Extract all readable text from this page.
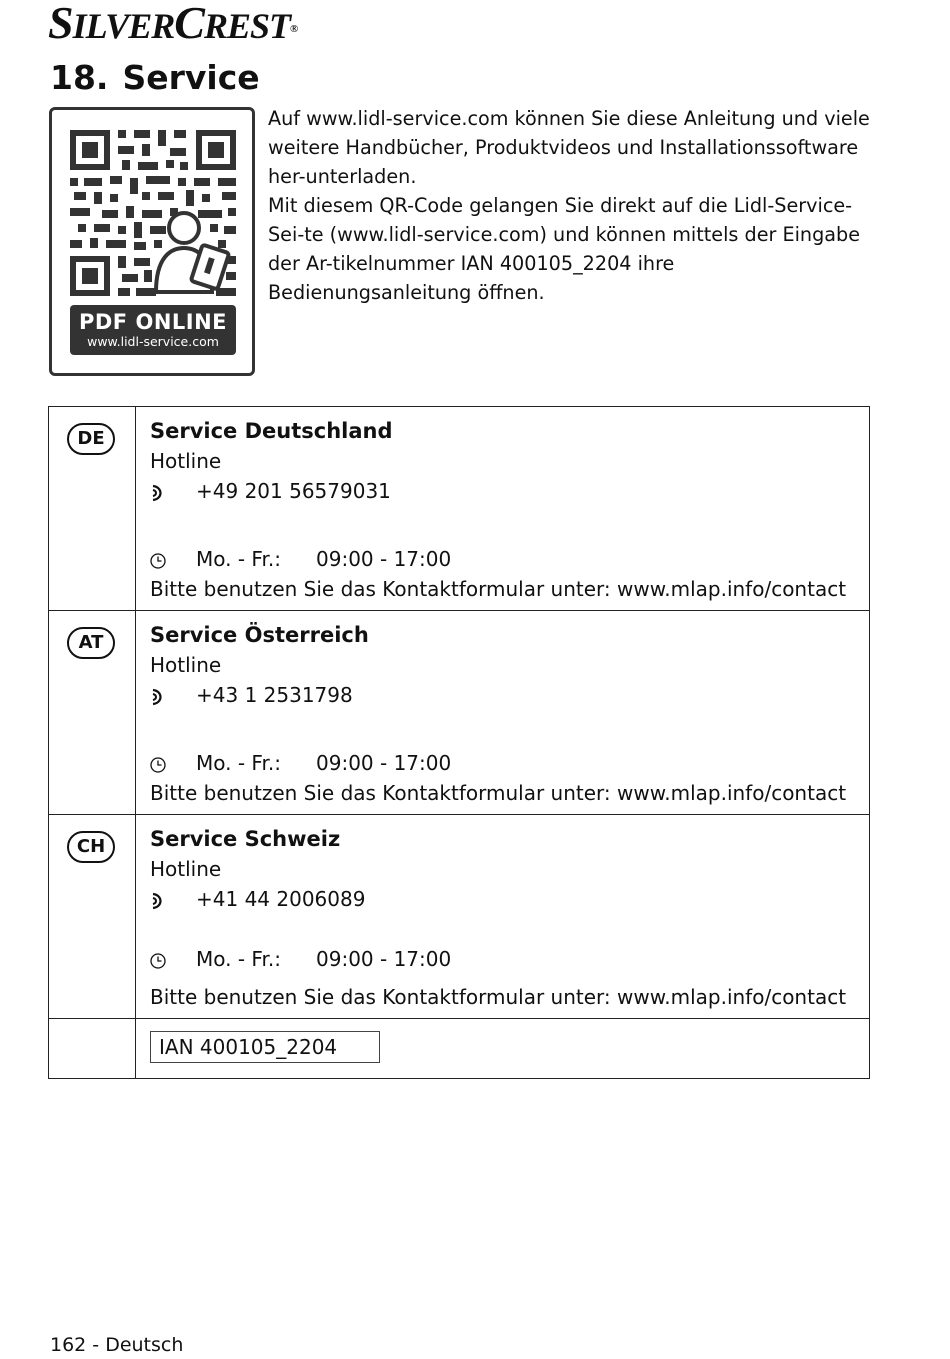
SILVERCREST®
18. Service
PDF ONLINE
www.lidl-service.com

Auf www.lidl-service.com können Sie diese Anleitung und viele weitere Handbücher, Produktvideos und Installationssoftware her-unterladen.

Mit diesem QR-Code gelangen Sie direkt auf die Lidl-Service-Sei-te (www.lidl-service.com) und können mittels der Eingabe der Ar-tikelnummer IAN 400105_2204 ihre Bedienungsanleitung öffnen.

DE	Service Deutschland
Hotline
+49 201 56579031
Mo. - Fr.: 09:00 - 17:00
Bitte benutzen Sie das Kontaktformular unter: www.mlap.info/contact

AT	Service Österreich
Hotline
+43 1 2531798
Mo. - Fr.: 09:00 - 17:00
Bitte benutzen Sie das Kontaktformular unter: www.mlap.info/contact

CH	Service Schweiz
Hotline
+41 44 2006089
Mo. - Fr.: 09:00 - 17:00
Bitte benutzen Sie das Kontaktformular unter: www.mlap.info/contact

	IAN 400105_2204
162 - Deutsch
